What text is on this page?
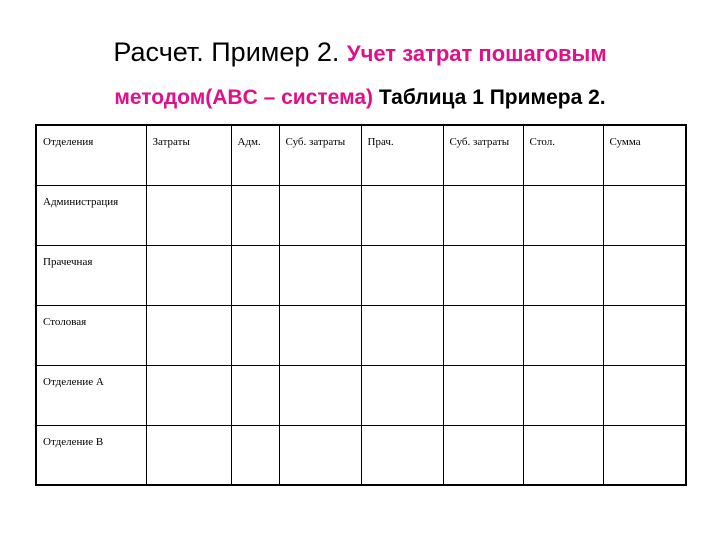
Расчет. Пример 2. Учет затрат пошаговым
методом(ABC – система) Таблица 1 Примера 2.
Отделения	Затраты	Адм.	Суб. затраты	Прач.	Суб. затраты	Стол.	Сумма
Администрация							
Прачечная							
Столовая							
Отделение А							
Отделение В							
